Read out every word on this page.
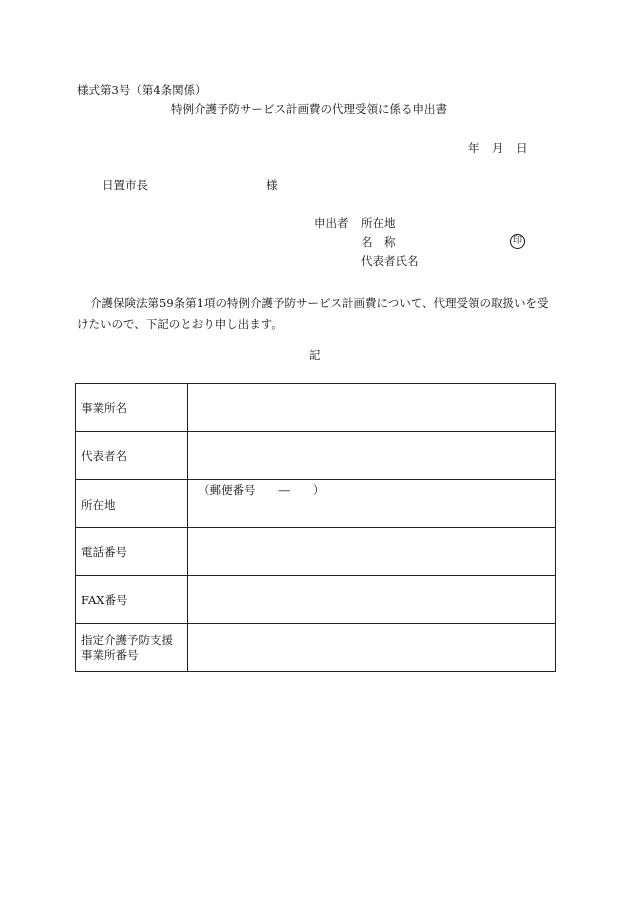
様式第3号（第4条関係）
特例介護予防サービス計画費の代理受領に係る申出書
年 月 日
日置市長	様
申出者 所在地
名　称	印
代表者氏名
介護保険法第59条第1項の特例介護予防サービス計画費について、代理受領の取扱いを受
けたいので、下記のとおり申し出ます。
記
事業所名	
代表者名	
所在地	（郵便番号　　―　　）

電話番号	
FAX番号	

指定介護予防支援
事業所番号	
